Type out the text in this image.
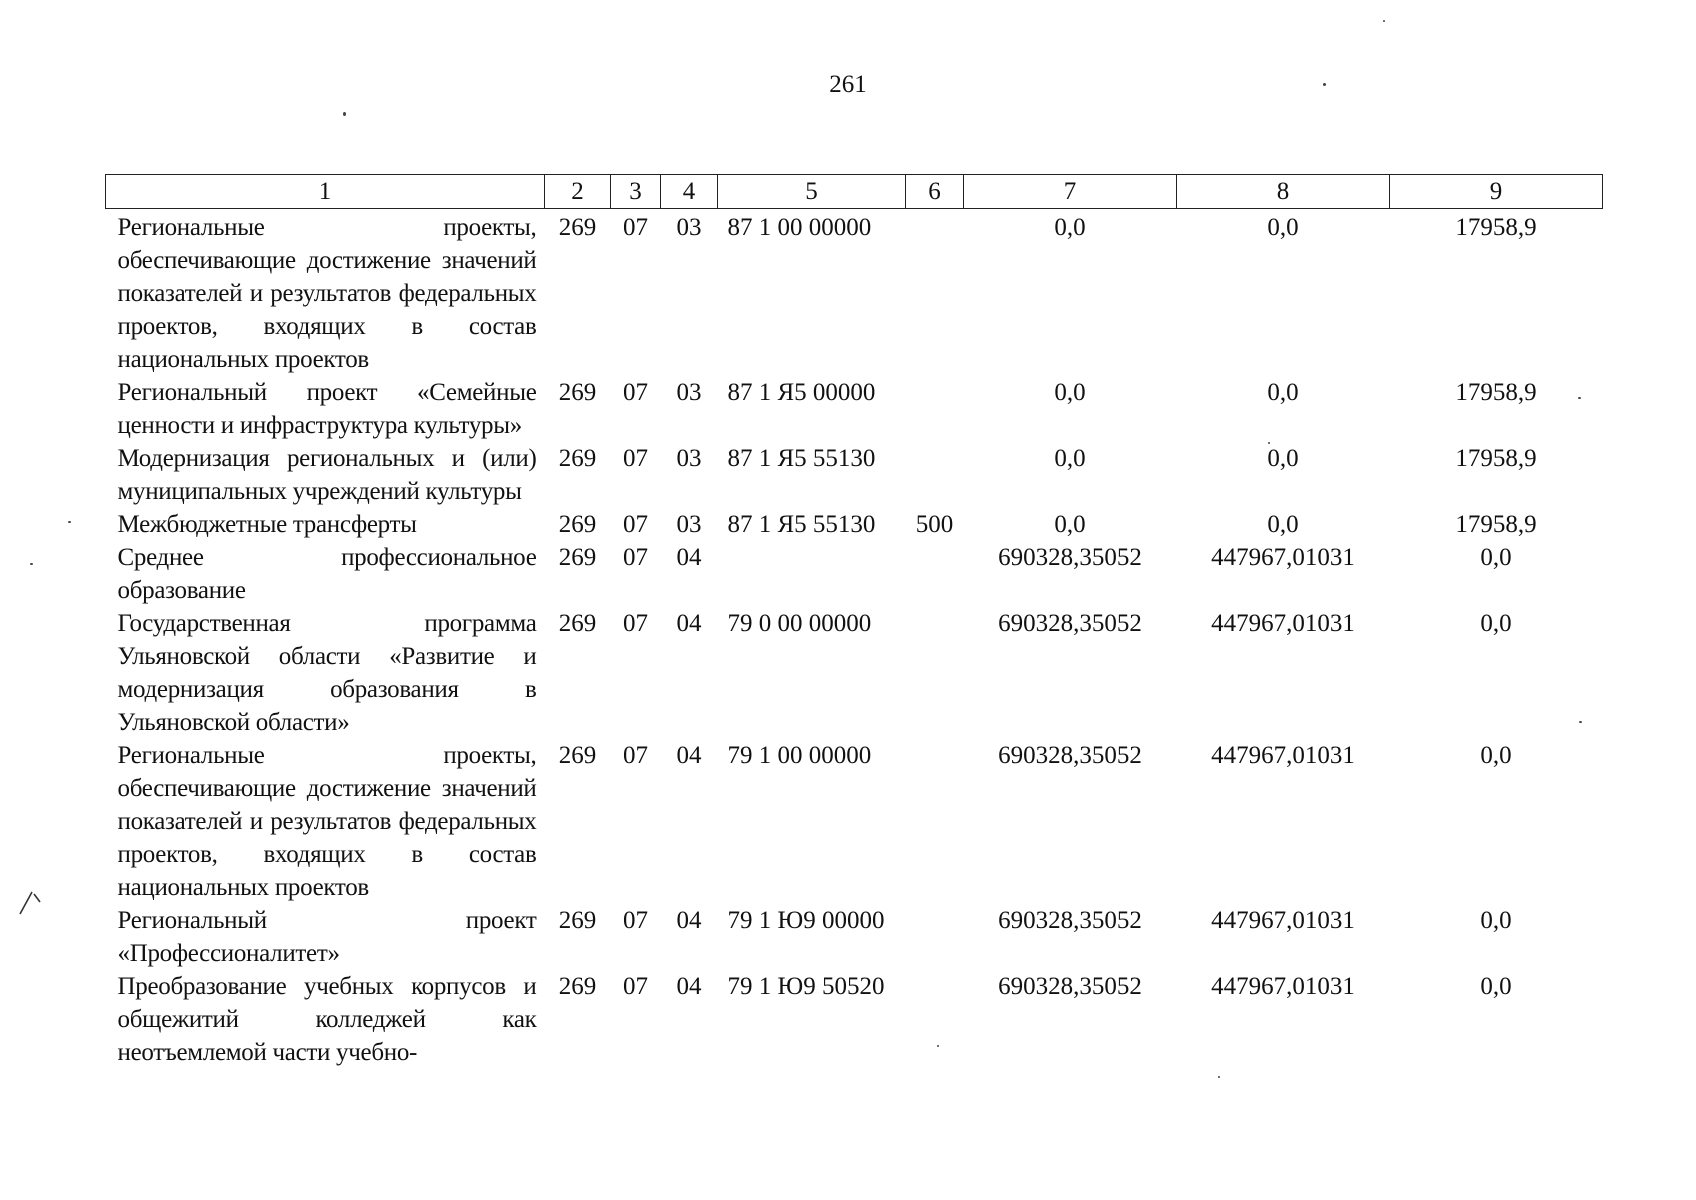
261
1	2	3	4	5	6	7	8	9
Региональные проекты, обеспечивающие достижение значений показателей и результатов федеральных проектов, входящих в состав национальных проектов	269	07	03	87 1 00 00000		0,0	0,0	17958,9
Региональный проект «Семейные ценности и инфраструктура культуры»	269	07	03	87 1 Я5 00000		0,0	0,0	17958,9
Модернизация региональных и (или) муниципальных учреждений культуры	269	07	03	87 1 Я5 55130		0,0	0,0	17958,9
Межбюджетные трансферты	269	07	03	87 1 Я5 55130	500	0,0	0,0	17958,9
Среднее профессиональное образование	269	07	04			690328,35052	447967,01031	0,0
Государственная программа Ульяновской области «Развитие и модернизация образования в Ульяновской области»	269	07	04	79 0 00 00000		690328,35052	447967,01031	0,0
Региональные проекты, обеспечивающие достижение значений показателей и результатов федеральных проектов, входящих в состав национальных проектов	269	07	04	79 1 00 00000		690328,35052	447967,01031	0,0
Региональный проект «Профессионалитет»	269	07	04	79 1 Ю9 00000		690328,35052	447967,01031	0,0
Преобразование учебных корпусов и общежитий колледжей как неотъемлемой части учебно-	269	07	04	79 1 Ю9 50520		690328,35052	447967,01031	0,0
